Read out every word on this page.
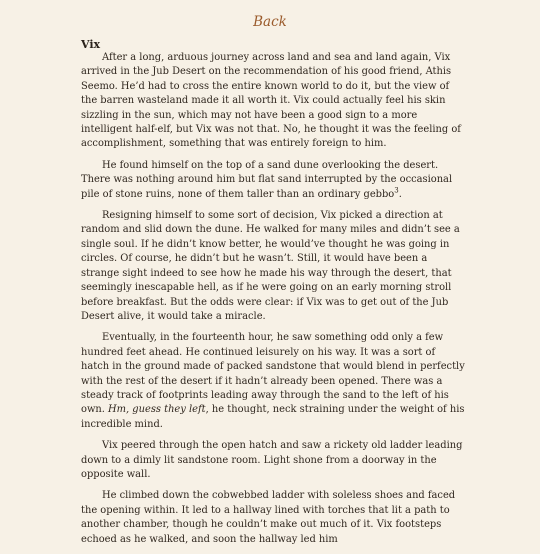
Back
Vix

After a long, arduous journey across land and sea and land again, Vix arrived in the Jub Desert on the recommendation of his good friend, Athis Seemo. He’d had to cross the entire known world to do it, but the view of the barren wasteland made it all worth it. Vix could actually feel his skin sizzling in the sun, which may not have been a good sign to a more intelligent half-elf, but Vix was not that. No, he thought it was the feeling of accomplishment, something that was entirely foreign to him.

He found himself on the top of a sand dune overlooking the desert. There was nothing around him but flat sand interrupted by the occasional pile of stone ruins, none of them taller than an ordinary gebbo$^3$.

Resigning himself to some sort of decision, Vix picked a direction at random and slid down the dune. He walked for many miles and didn’t see a single soul. If he didn’t know better, he would’ve thought he was going in circles. Of course, he didn’t but he wasn’t. Still, it would have been a strange sight indeed to see how he made his way through the desert, that seemingly inescapable hell, as if he were going on an early morning stroll before breakfast. But the odds were clear: if Vix was to get out of the Jub Desert alive, it would take a miracle.

Eventually, in the fourteenth hour, he saw something odd only a few hundred feet ahead. He continued leisurely on his way. It was a sort of hatch in the ground made of packed sandstone that would blend in perfectly with the rest of the desert if it hadn’t already been opened. There was a steady track of footprints leading away through the sand to the left of his own. Hm, guess they left, he thought, neck straining under the weight of his incredible mind.

Vix peered through the open hatch and saw a rickety old ladder leading down to a dimly lit sandstone room. Light shone from a doorway in the opposite wall.

He climbed down the cobwebbed ladder with soleless shoes and faced the opening within. It led to a hallway lined with torches that lit a path to another chamber, though he couldn’t make out much of it. Vix footsteps echoed as he walked, and soon the hallway led him
